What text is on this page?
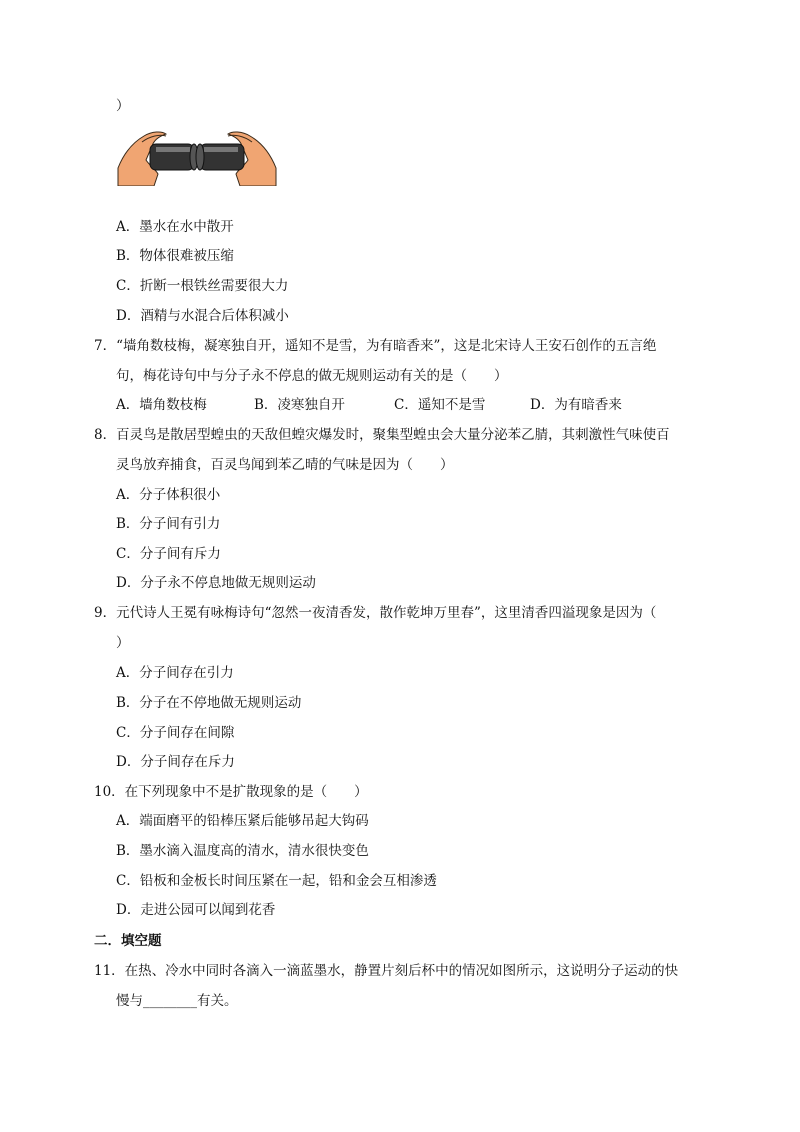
）
A．墨水在水中散开
B．物体很难被压缩
C．折断一根铁丝需要很大力
D．酒精与水混合后体积减小
7．“墙角数枝梅，凝寒独自开，遥知不是雪，为有暗香来”，这是北宋诗人王安石创作的五言绝
句，梅花诗句中与分子永不停息的做无规则运动有关的是（　　）
A．墙角数枝梅	B．凌寒独自开	C．遥知不是雪	D．为有暗香来
8．百灵鸟是散居型蝗虫的天敌但蝗灾爆发时，聚集型蝗虫会大量分泌苯乙腈，其刺激性气味使百
灵鸟放弃捕食，百灵鸟闻到苯乙晴的气味是因为（　　）
A．分子体积很小
B．分子间有引力
C．分子间有斥力
D．分子永不停息地做无规则运动
9．元代诗人王冕有咏梅诗句“忽然一夜清香发，散作乾坤万里春”，这里清香四溢现象是因为（
）
A．分子间存在引力
B．分子在不停地做无规则运动
C．分子间存在间隙
D．分子间存在斥力
10．在下列现象中不是扩散现象的是（　　）
A．端面磨平的铅棒压紧后能够吊起大钩码
B．墨水滴入温度高的清水，清水很快变色
C．铅板和金板长时间压紧在一起，铅和金会互相渗透
D．走进公园可以闻到花香
二．填空题
11．在热、冷水中同时各滴入一滴蓝墨水，静置片刻后杯中的情况如图所示，这说明分子运动的快
慢与________有关。
